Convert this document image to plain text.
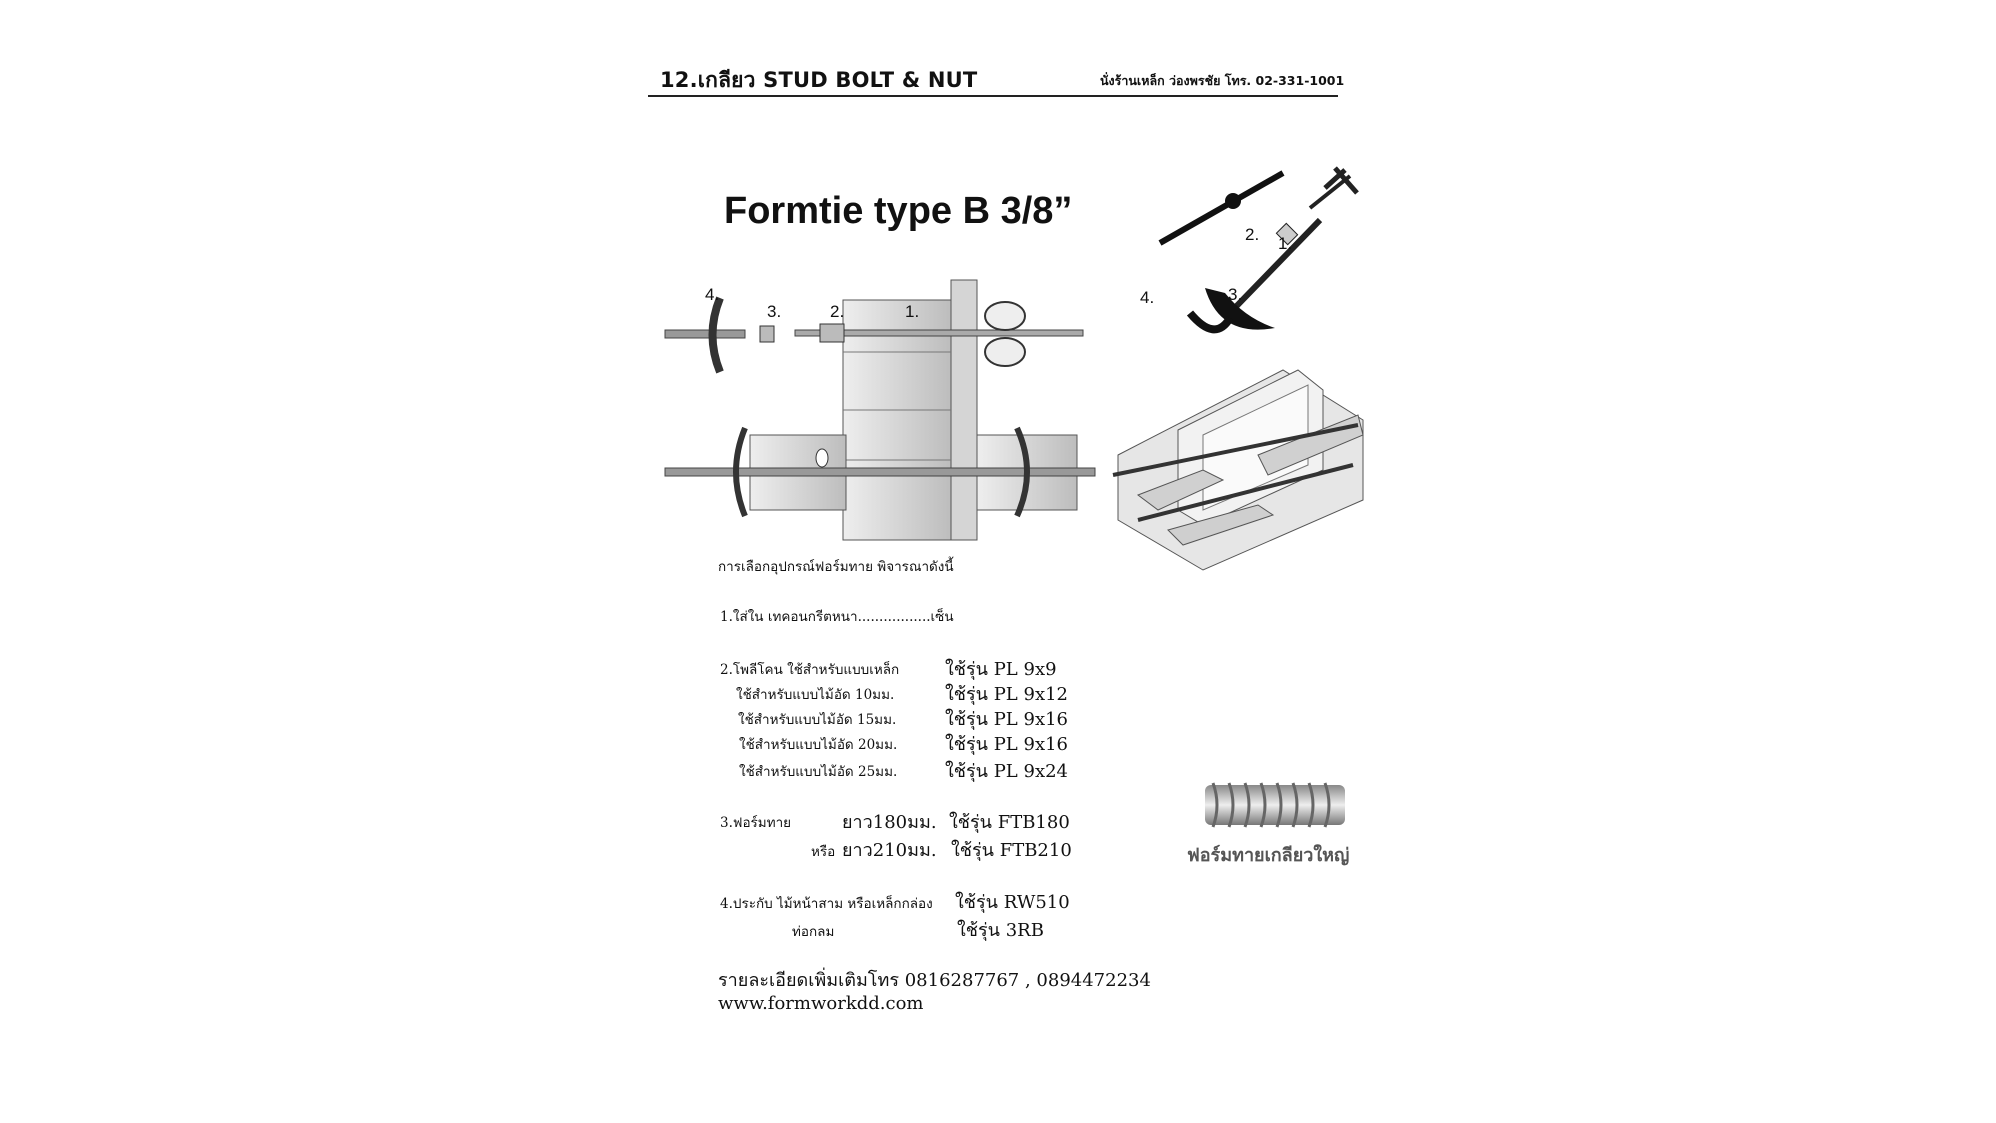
12.เกลียว STUD BOLT & NUT	นั่งร้านเหล็ก ว่องพรชัย โทร. 02-331-1001
Formtie type B 3/8”
4.
3.	2.	1.
2. 1.
4.	3.
การเลือกอุปกรณ์ฟอร์มทาย พิจารณาดังนี้
1.ใส่ใน เทคอนกรีตหนา.................เซ็น
2.โพลีโคน ใช้สำหรับแบบเหล็ก	ใช้รุ่น PL 9x9
ใช้สำหรับแบบไม้อัด 10มม.	ใช้รุ่น PL 9x12
ใช้สำหรับแบบไม้อัด 15มม.	ใช้รุ่น PL 9x16
ใช้สำหรับแบบไม้อัด 20มม.	ใช้รุ่น PL 9x16
ใช้สำหรับแบบไม้อัด 25มม.	ใช้รุ่น PL 9x24
3.ฟอร์มทาย	ยาว180มม. ใช้รุ่น FTB180
หรือ ยาว210มม. ใช้รุ่น FTB210
4.ประกับ ไม้หน้าสาม หรือเหล็กกล่อง ใช้รุ่น RW510
ท่อกลม	ใช้รุ่น 3RB
รายละเอียดเพิ่มเติมโทร 0816287767 , 0894472234
www.formworkdd.com
ฟอร์มทายเกลียวใหญ่
